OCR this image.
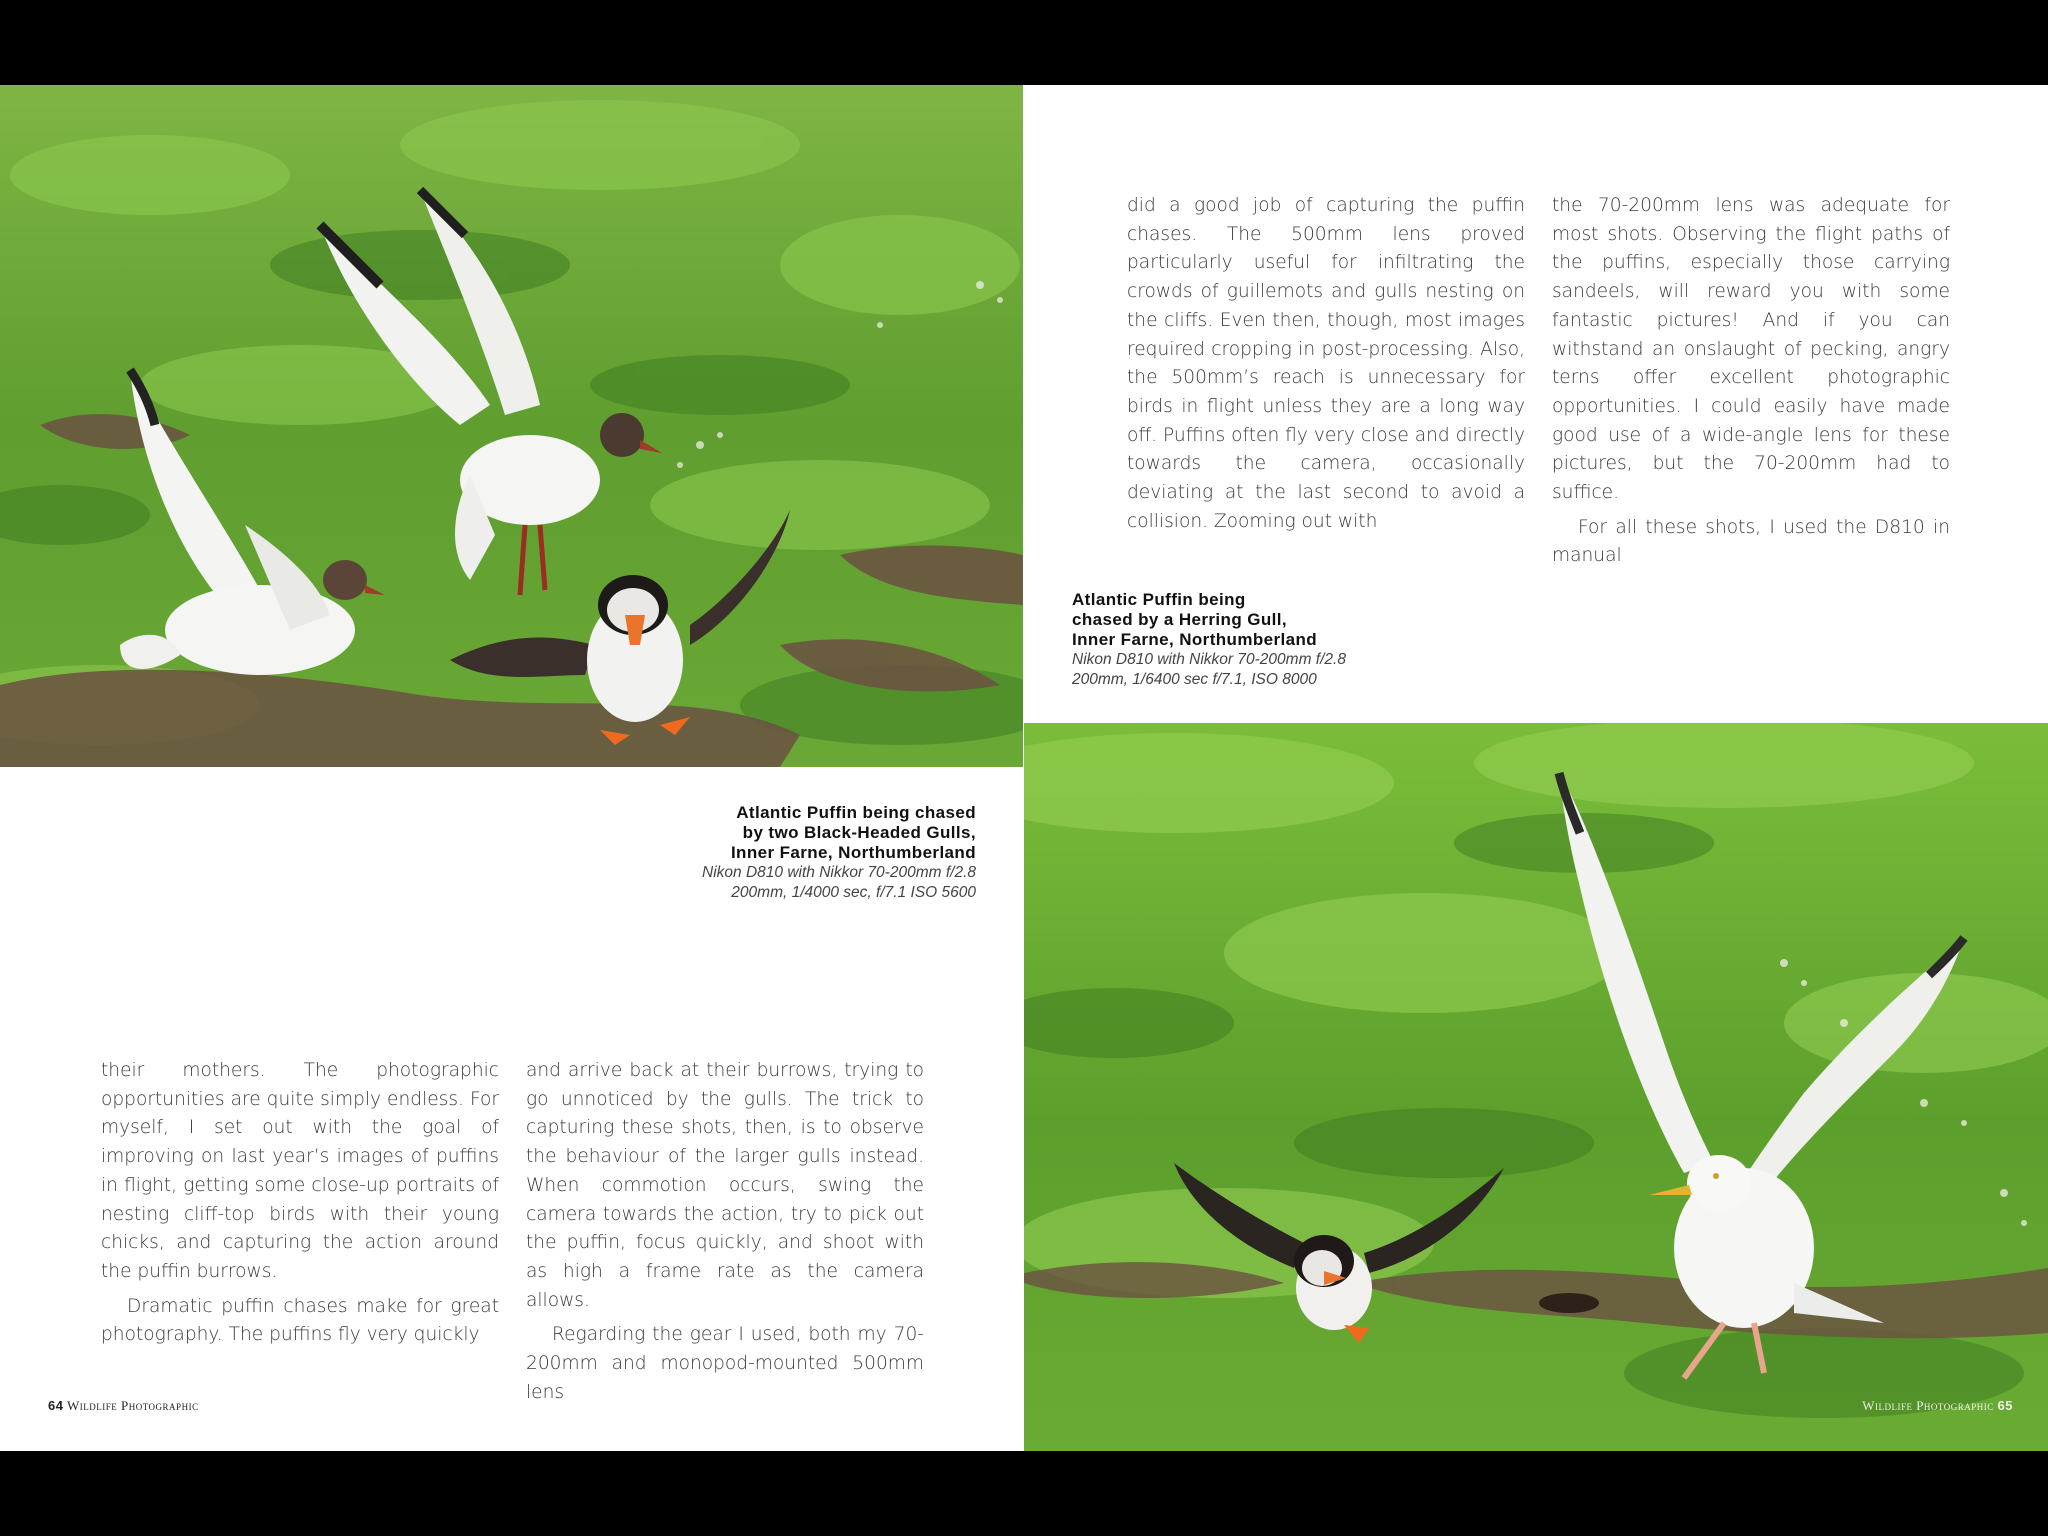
did a good job of capturing the puffin chases. The 500mm lens proved particularly useful for infiltrating the crowds of guillemots and gulls nesting on the cliffs. Even then, though, most images required cropping in post-processing. Also, the 500mm’s reach is unnecessary for birds in flight unless they are a long way off. Puffins often fly very close and directly towards the camera, occasionally deviating at the last second to avoid a collision. Zooming out with

the 70-200mm lens was adequate for most shots. Observing the flight paths of the puffins, especially those carrying sandeels, will reward you with some fantastic pictures! And if you can withstand an onslaught of pecking, angry terns offer excellent photographic opportunities. I could easily have made good use of a wide-angle lens for these pictures, but the 70-200mm had to suffice.

For all these shots, I used the D810 in manual

Atlantic Puffin being
chased by a Herring Gull,
Inner Farne, Northumberland
Nikon D810 with Nikkor 70-200mm f/2.8
200mm, 1/6400 sec f/7.1, ISO 8000
Atlantic Puffin being chased
by two Black-Headed Gulls,
Inner Farne, Northumberland
Nikon D810 with Nikkor 70-200mm f/2.8
200mm, 1/4000 sec, f/7.1 ISO 5600

their mothers. The photographic opportunities are quite simply endless. For myself, I set out with the goal of improving on last year’s images of puffins in flight, getting some close-up portraits of nesting cliff-top birds with their young chicks, and capturing the action around the puffin burrows.

Dramatic puffin chases make for great photography. The puffins fly very quickly

and arrive back at their burrows, trying to go unnoticed by the gulls. The trick to capturing these shots, then, is to observe the behaviour of the larger gulls instead. When commotion occurs, swing the camera towards the action, try to pick out the puffin, focus quickly, and shoot with as high a frame rate as the camera allows.

Regarding the gear I used, both my 70-200mm and monopod-mounted 500mm lens

64 Wildlife Photographic	Wildlife Photographic 65
